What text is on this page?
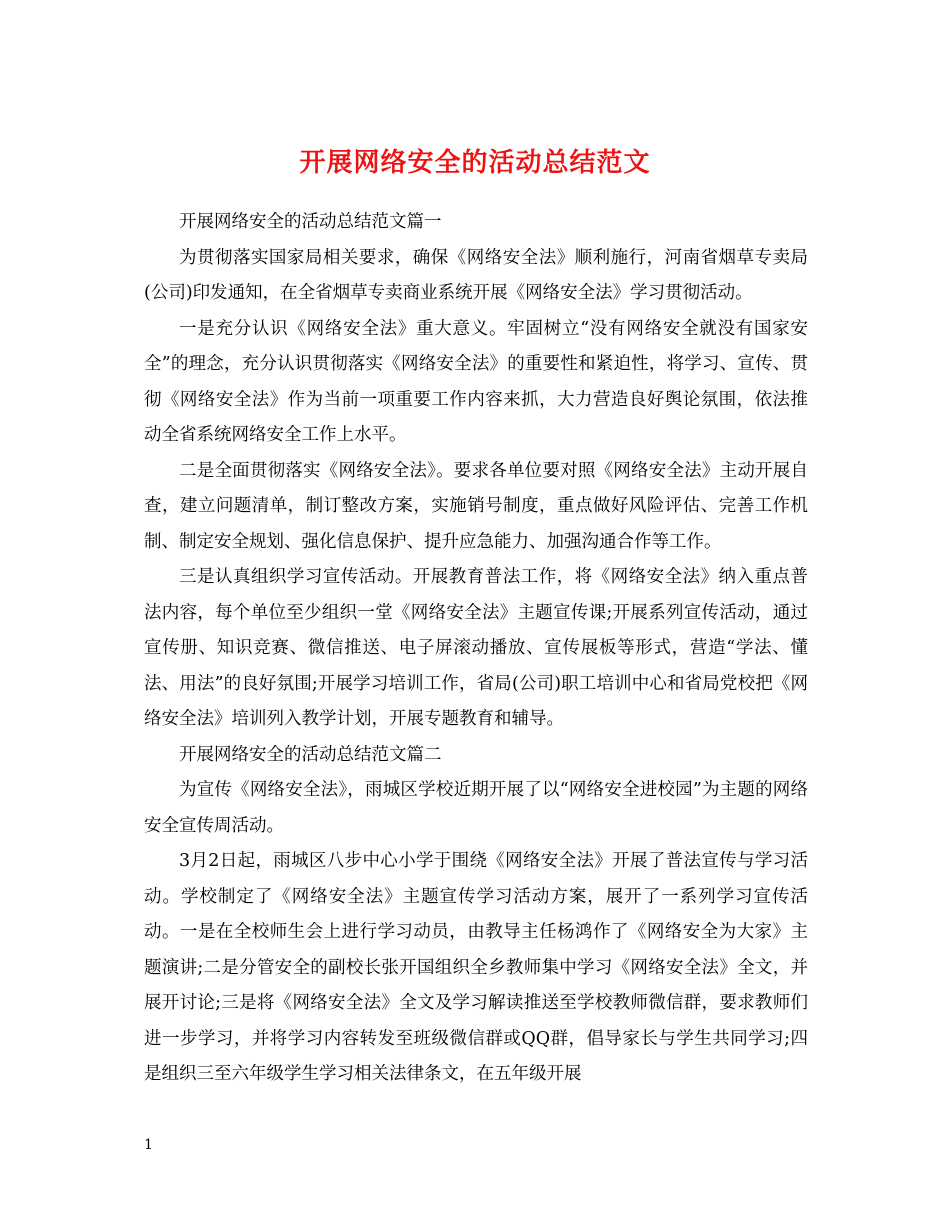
开展网络安全的活动总结范文

开展网络安全的活动总结范文篇一

为贯彻落实国家局相关要求，确保《网络安全法》顺利施行，河南省烟草专卖局(公司)印发通知，在全省烟草专卖商业系统开展《网络安全法》学习贯彻活动。

一是充分认识《网络安全法》重大意义。牢固树立“没有网络安全就没有国家安全”的理念，充分认识贯彻落实《网络安全法》的重要性和紧迫性，将学习、宣传、贯彻《网络安全法》作为当前一项重要工作内容来抓，大力营造良好舆论氛围，依法推动全省系统网络安全工作上水平。

二是全面贯彻落实《网络安全法》。要求各单位要对照《网络安全法》主动开展自查，建立问题清单，制订整改方案，实施销号制度，重点做好风险评估、完善工作机制、制定安全规划、强化信息保护、提升应急能力、加强沟通合作等工作。

三是认真组织学习宣传活动。开展教育普法工作，将《网络安全法》纳入重点普法内容，每个单位至少组织一堂《网络安全法》主题宣传课;开展系列宣传活动，通过宣传册、知识竞赛、微信推送、电子屏滚动播放、宣传展板等形式，营造“学法、懂法、用法”的良好氛围;开展学习培训工作，省局(公司)职工培训中心和省局党校把《网络安全法》培训列入教学计划，开展专题教育和辅导。

开展网络安全的活动总结范文篇二

为宣传《网络安全法》，雨城区学校近期开展了以“网络安全进校园”为主题的网络安全宣传周活动。

3月2日起，雨城区八步中心小学于围绕《网络安全法》开展了普法宣传与学习活动。学校制定了《网络安全法》主题宣传学习活动方案，展开了一系列学习宣传活动。一是在全校师生会上进行学习动员，由教导主任杨鸿作了《网络安全为大家》主题演讲;二是分管安全的副校长张开国组织全乡教师集中学习《网络安全法》全文，并展开讨论;三是将《网络安全法》全文及学习解读推送至学校教师微信群，要求教师们进一步学习，并将学习内容转发至班级微信群或QQ群，倡导家长与学生共同学习;四是组织三至六年级学生学习相关法律条文，在五年级开展

1
